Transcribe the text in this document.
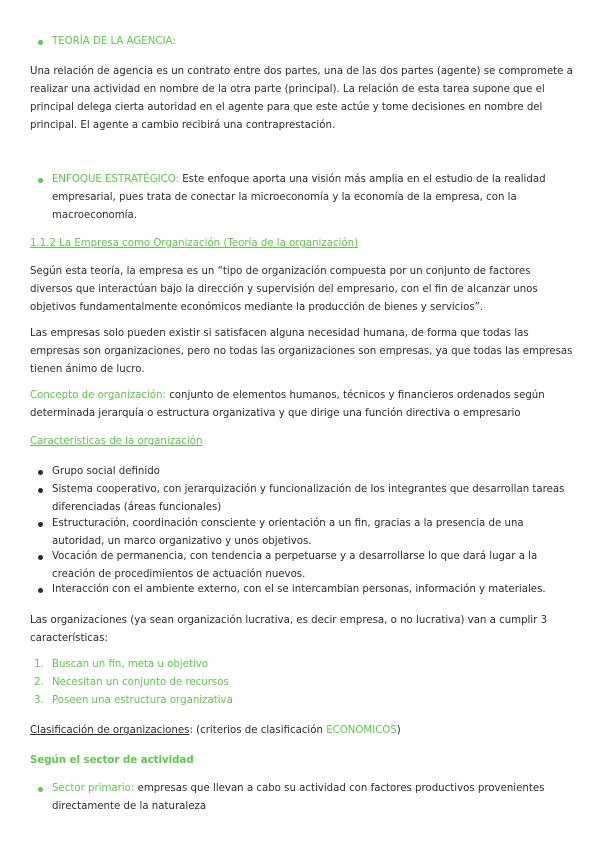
TEORÍA DE LA AGENCIA:
Una relación de agencia es un contrato entre dos partes, una de las dos partes (agente) se compromete a realizar una actividad en nombre de la otra parte (principal). La relación de esta tarea supone que el principal delega cierta autoridad en el agente para que este actúe y tome decisiones en nombre del principal. El agente a cambio recibirá una contraprestación.
ENFOQUE ESTRATÉGICO: Este enfoque aporta una visión más amplia en el estudio de la realidad empresarial, pues trata de conectar la microeconomía y la economía de la empresa, con la macroeconomía.
1.1.2 La Empresa como Organización (Teoría de la organización)
Según esta teoría, la empresa es un “tipo de organización compuesta por un conjunto de factores diversos que interactúan bajo la dirección y supervisión del empresario, con el fin de alcanzar unos objetivos fundamentalmente económicos mediante la producción de bienes y servicios”.
Las empresas solo pueden existir si satisfacen alguna necesidad humana, de forma que todas las empresas son organizaciones, pero no todas las organizaciones son empresas, ya que todas las empresas tienen ánimo de lucro.
Concepto de organización: conjunto de elementos humanos, técnicos y financieros ordenados según determinada jerarquía o estructura organizativa y que dirige una función directiva o empresario
Características de la organización
Grupo social definido
Sistema cooperativo, con jerarquización y funcionalización de los integrantes que desarrollan tareas diferenciadas (áreas funcionales)
Estructuración, coordinación consciente y orientación a un fin, gracias a la presencia de una autoridad, un marco organizativo y unos objetivos.
Vocación de permanencia, con tendencia a perpetuarse y a desarrollarse lo que dará lugar a la creación de procedimientos de actuación nuevos.
Interacción con el ambiente externo, con el se intercambian personas, información y materiales.
Las organizaciones (ya sean organización lucrativa, es decir empresa, o no lucrativa) van a cumplir 3 características:
1. Buscan un fin, meta u objetivo
2. Necesitan un conjunto de recursos
3. Poseen una estructura organizativa
Clasificación de organizaciones: (criterios de clasificación ECONOMICOS)
Según el sector de actividad
Sector primario: empresas que llevan a cabo su actividad con factores productivos provenientes directamente de la naturaleza
